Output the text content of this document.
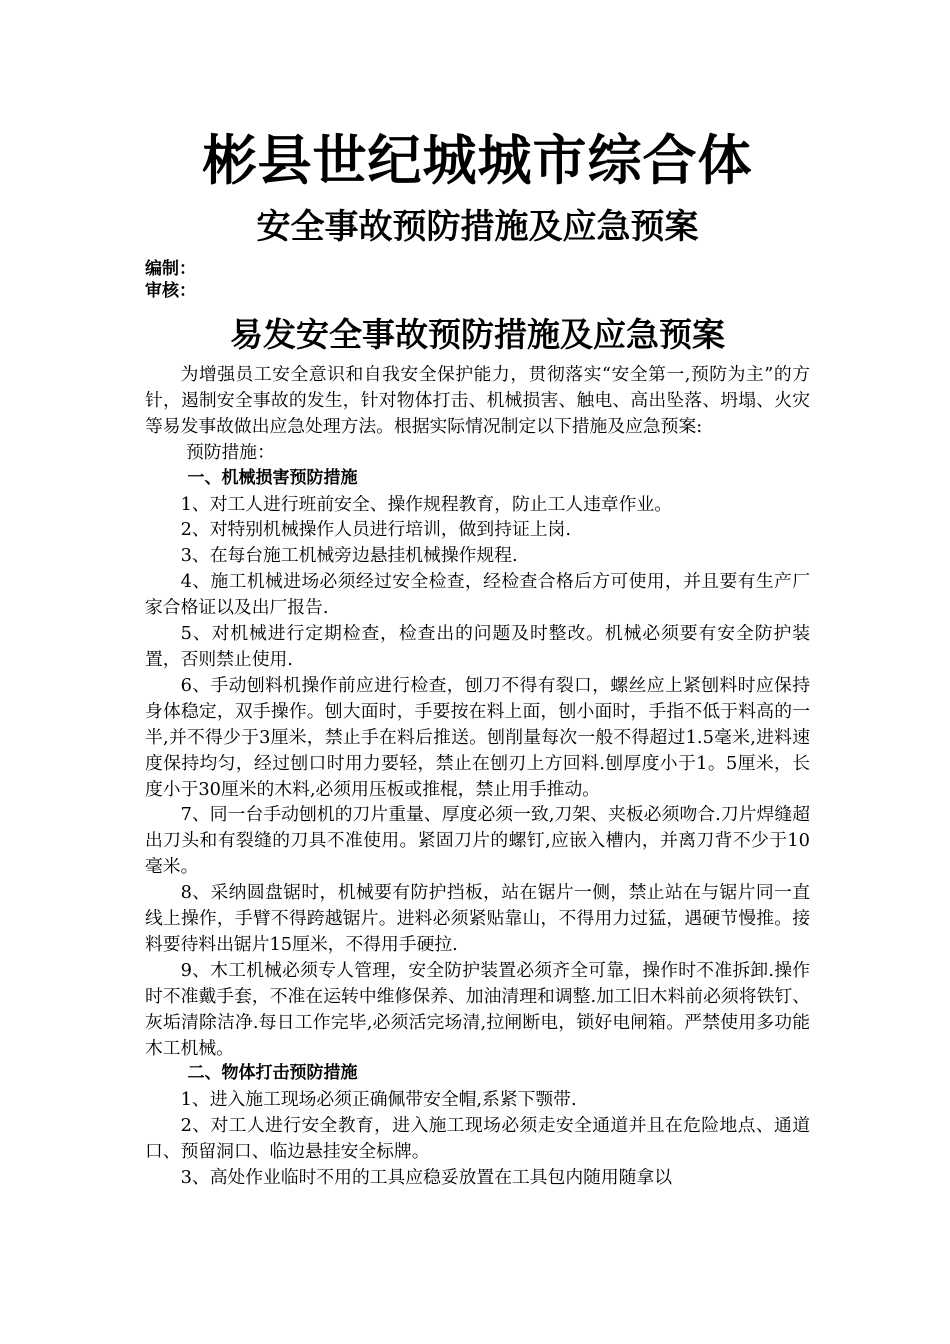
彬县世纪城城市综合体
安全事故预防措施及应急预案

编制：

审核：

易发安全事故预防措施及应急预案

为增强员工安全意识和自我安全保护能力，贯彻落实“安全第一,预防为主”的方针，遏制安全事故的发生，针对物体打击、机械损害、触电、高出坠落、坍塌、火灾等易发事故做出应急处理方法。根据实际情况制定以下措施及应急预案:

预防措施：

一、机械损害预防措施

1、对工人进行班前安全、操作规程教育，防止工人违章作业。

2、对特别机械操作人员进行培训，做到持证上岗.

3、在每台施工机械旁边悬挂机械操作规程.

4、施工机械进场必须经过安全检查，经检查合格后方可使用，并且要有生产厂家合格证以及出厂报告.

5、对机械进行定期检查，检查出的问题及时整改。机械必须要有安全防护装置，否则禁止使用.

6、手动刨料机操作前应进行检查，刨刀不得有裂口，螺丝应上紧刨料时应保持身体稳定，双手操作。刨大面时，手要按在料上面，刨小面时，手指不低于料高的一半,并不得少于3厘米，禁止手在料后推送。刨削量每次一般不得超过1.5毫米,进料速度保持均匀，经过刨口时用力要轻，禁止在刨刃上方回料.刨厚度小于1。5厘米，长度小于30厘米的木料,必须用压板或推棍，禁止用手推动。

7、同一台手动刨机的刀片重量、厚度必须一致,刀架、夹板必须吻合.刀片焊缝超出刀头和有裂缝的刀具不准使用。紧固刀片的螺钉,应嵌入槽内，并离刀背不少于10毫米。

8、采纳圆盘锯时，机械要有防护挡板，站在锯片一侧，禁止站在与锯片同一直线上操作，手臂不得跨越锯片。进料必须紧贴靠山，不得用力过猛，遇硬节慢推。接料要待料出锯片15厘米，不得用手硬拉.

9、木工机械必须专人管理，安全防护装置必须齐全可靠，操作时不准拆卸.操作时不准戴手套，不准在运转中维修保养、加油清理和调整.加工旧木料前必须将铁钉、灰垢清除洁净.每日工作完毕,必须活完场清,拉闸断电，锁好电闸箱。严禁使用多功能木工机械。

二、物体打击预防措施

1、进入施工现场必须正确佩带安全帽,系紧下颚带.

2、对工人进行安全教育，进入施工现场必须走安全通道并且在危险地点、通道口、预留洞口、临边悬挂安全标牌。

3、高处作业临时不用的工具应稳妥放置在工具包内随用随拿以
